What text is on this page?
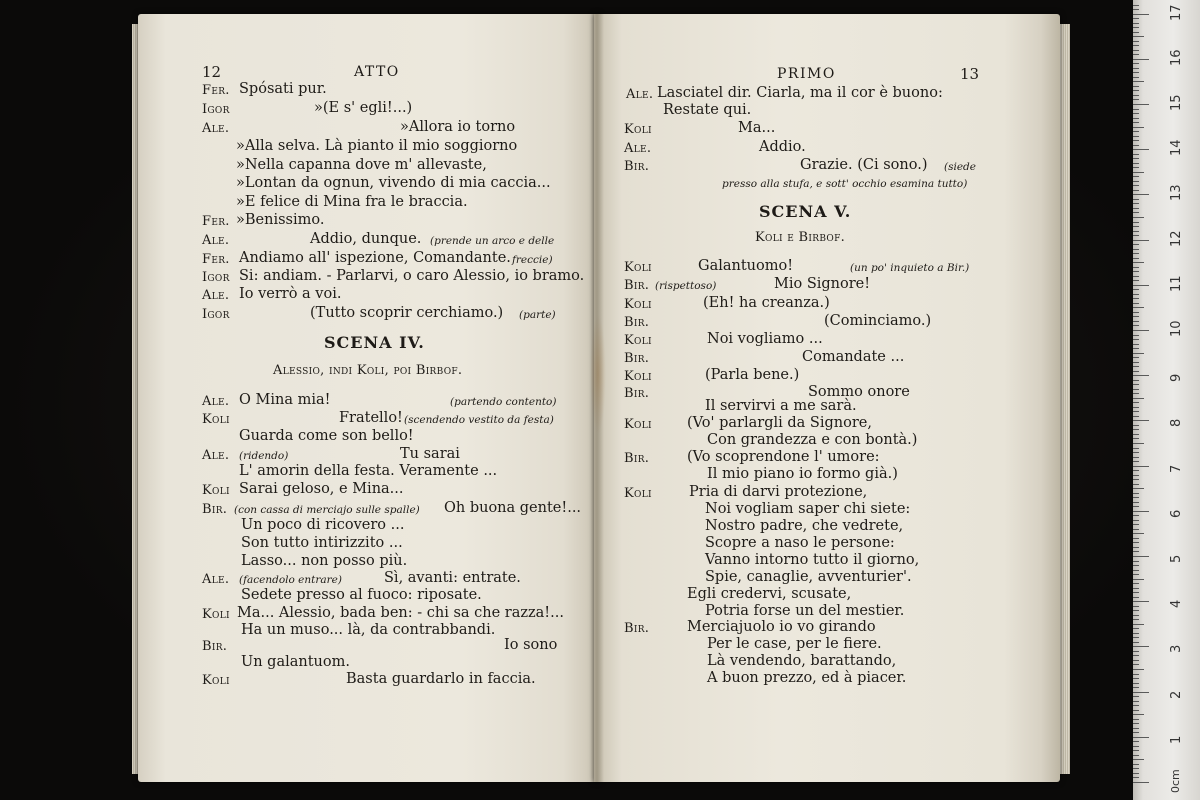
12	ATTO
Fer. Spósati pur.
Igor	»(E s' egli!...)
Ale.	»Allora io torno
»Alla selva. Là pianto il mio soggiorno
»Nella capanna dove m' allevaste,
»Lontan da ognun, vivendo di mia caccia...
»E felice di Mina fra le braccia.
Fer. »Benissimo.
Ale.	Addio, dunque. (prende un arco e delle
Fer. Andiamo all' ispezione, Comandante. freccie)
Igor Si: andiam. - Parlarvi, o caro Alessio, io bramo.
Ale. Io verrò a voi.
Igor	(Tutto scoprir cerchiamo.) (parte)
SCENA IV.
Alessio, indi Koli, poi Birbof.
Ale. O Mina mia!	(partendo contento)
Koli	Fratello! (scendendo vestito da festa)
Guarda come son bello!
Ale. (ridendo)	Tu sarai
L' amorin della festa. Veramente ...
Koli Sarai geloso, e Mina...
Bir. (con cassa di merciajo sulle spalle) Oh buona gente!...
Un poco di ricovero ...
Son tutto intirizzito ...
Lasso... non posso più.
Ale. (facendolo entrare)	Sì, avanti: entrate.
Sedete presso al fuoco: riposate.
Koli Ma... Alessio, bada ben: - chi sa che razza!...
Ha un muso... là, da contrabbandi.
Bir.	Io sono
Un galantuom.
Koli	Basta guardarlo in faccia.
PRIMO	13
Ale. Lasciatel dir. Ciarla, ma il cor è buono:
Restate qui.
Koli	Ma...
Ale.	Addio.
Bir.	Grazie. (Ci sono.) (siede
presso alla stufa, e sott' occhio esamina tutto)
SCENA V.
Koli e Birbof.
Koli	Galantuomo!	(un po' inquieto a Bir.)
Bir. (rispettoso)	Mio Signore!
Koli	(Eh! ha creanza.)
Bir.	(Cominciamo.)
Koli	Noi vogliamo ...
Bir.	Comandate ...
Koli	(Parla bene.)
Bir.	Sommo onore
Il servirvi a me sarà.
Koli (Vo' parlargli da Signore,
Con grandezza e con bontà.)
Bir.	(Vo scoprendone l' umore:
Il mio piano io formo già.)
Koli	Pria di darvi protezione,
Noi vogliam saper chi siete:
Nostro padre, che vedrete,
Scopre a naso le persone:
Vanno intorno tutto il giorno,
Spie, canaglie, avventurier'.
Egli credervi, scusate,
Potria forse un del mestier.
Bir.	Merciajuolo io vo girando
Per le case, per le fiere.
Là vendendo, barattando,
A buon prezzo, ed à piacer.
0cm
1
2
3
4
5
6
7
8
9
10
11
12
13
14
15
16
17
